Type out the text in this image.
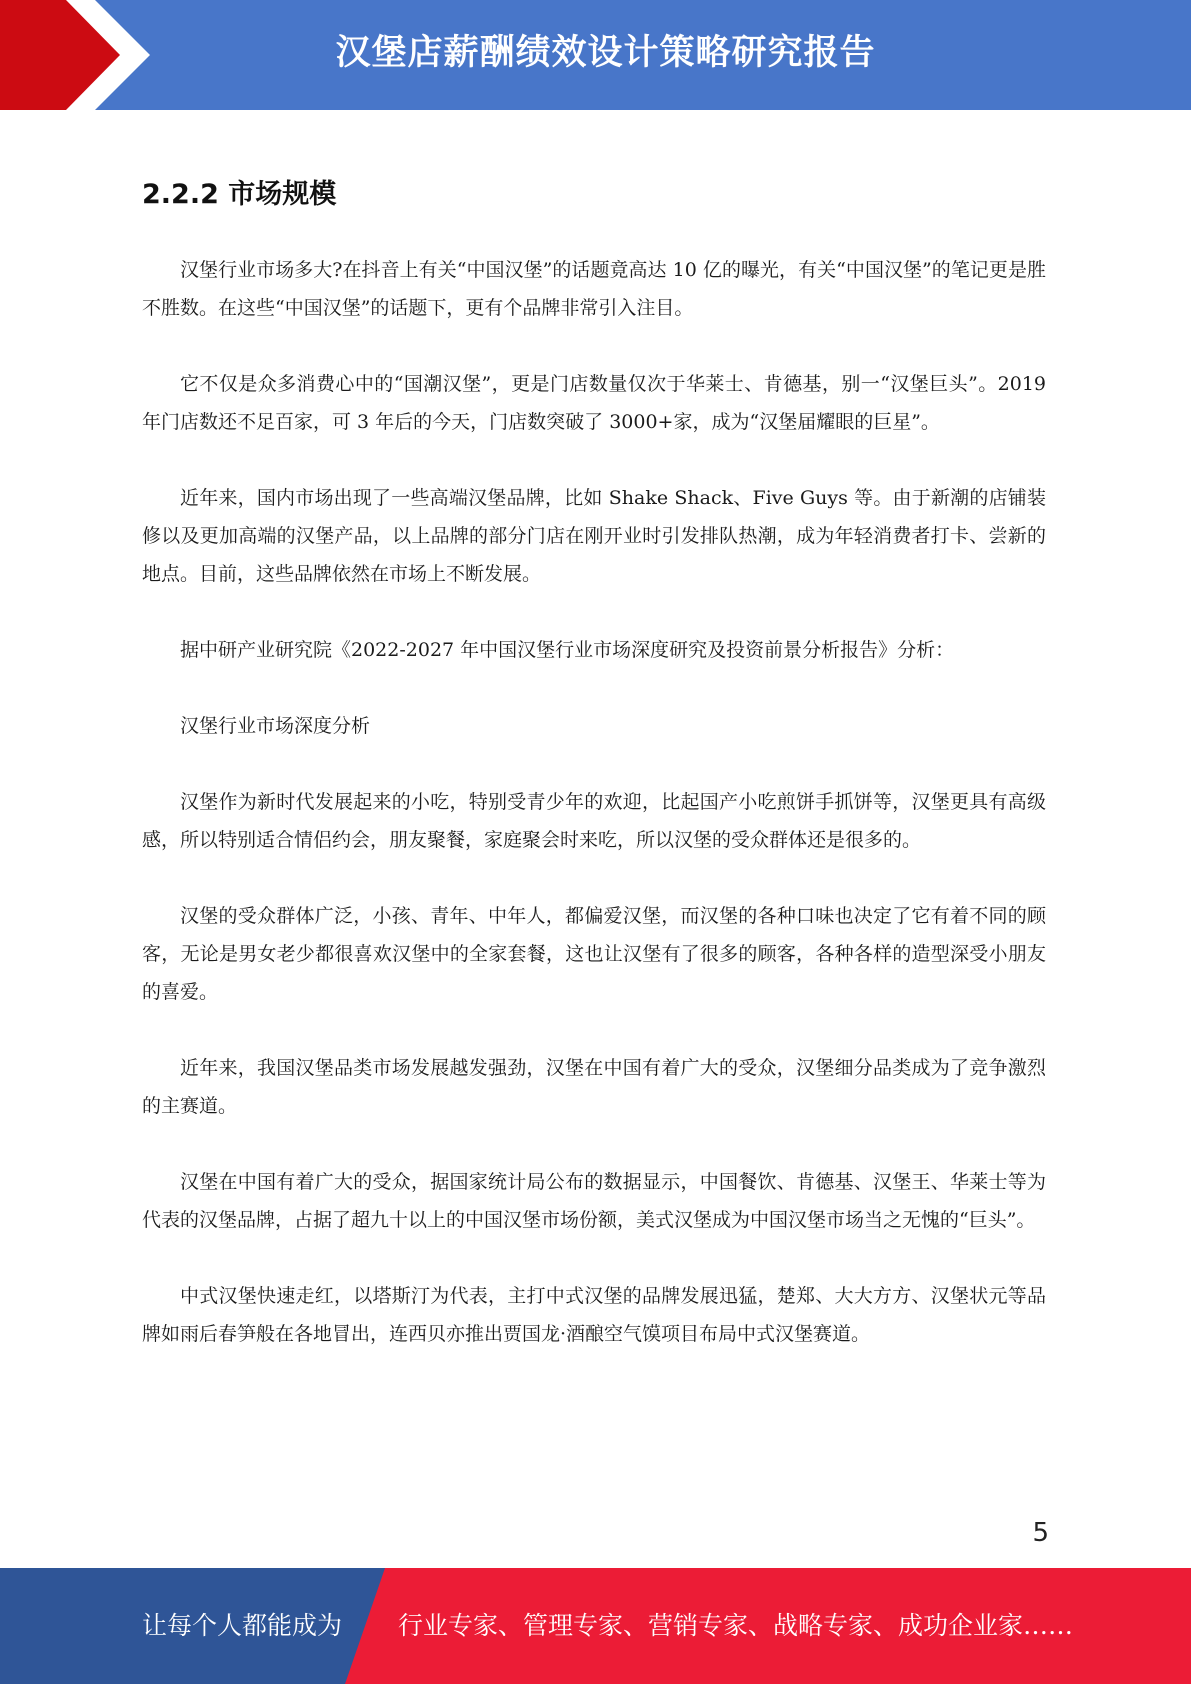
汉堡店薪酬绩效设计策略研究报告
2.2.2 市场规模

汉堡行业市场多大?在抖音上有关“中国汉堡”的话题竟高达 10 亿的曝光，有关“中国汉堡”的笔记更是胜不胜数。在这些“中国汉堡”的话题下，更有个品牌非常引入注目。

它不仅是众多消费心中的“国潮汉堡”，更是门店数量仅次于华莱士、肯德基，别一“汉堡巨头”。2019 年门店数还不足百家，可 3 年后的今天，门店数突破了 3000+家，成为“汉堡届耀眼的巨星”。

近年来，国内市场出现了一些高端汉堡品牌，比如 Shake Shack、Five Guys 等。由于新潮的店铺装修以及更加高端的汉堡产品，以上品牌的部分门店在刚开业时引发排队热潮，成为年轻消费者打卡、尝新的地点。目前，这些品牌依然在市场上不断发展。

据中研产业研究院《2022-2027 年中国汉堡行业市场深度研究及投资前景分析报告》分析：

汉堡行业市场深度分析

汉堡作为新时代发展起来的小吃，特别受青少年的欢迎，比起国产小吃煎饼手抓饼等，汉堡更具有高级感，所以特别适合情侣约会，朋友聚餐，家庭聚会时来吃，所以汉堡的受众群体还是很多的。

汉堡的受众群体广泛，小孩、青年、中年人，都偏爱汉堡，而汉堡的各种口味也决定了它有着不同的顾客，无论是男女老少都很喜欢汉堡中的全家套餐，这也让汉堡有了很多的顾客，各种各样的造型深受小朋友的喜爱。

近年来，我国汉堡品类市场发展越发强劲，汉堡在中国有着广大的受众，汉堡细分品类成为了竞争激烈的主赛道。

汉堡在中国有着广大的受众，据国家统计局公布的数据显示，中国餐饮、肯德基、汉堡王、华莱士等为代表的汉堡品牌，占据了超九十以上的中国汉堡市场份额，美式汉堡成为中国汉堡市场当之无愧的“巨头”。

中式汉堡快速走红，以塔斯汀为代表，主打中式汉堡的品牌发展迅猛，楚郑、大大方方、汉堡状元等品牌如雨后春笋般在各地冒出，连西贝亦推出贾国龙·酒酿空气馍项目布局中式汉堡赛道。

5
让每个人都能成为 行业专家、管理专家、营销专家、战略专家、成功企业家……
